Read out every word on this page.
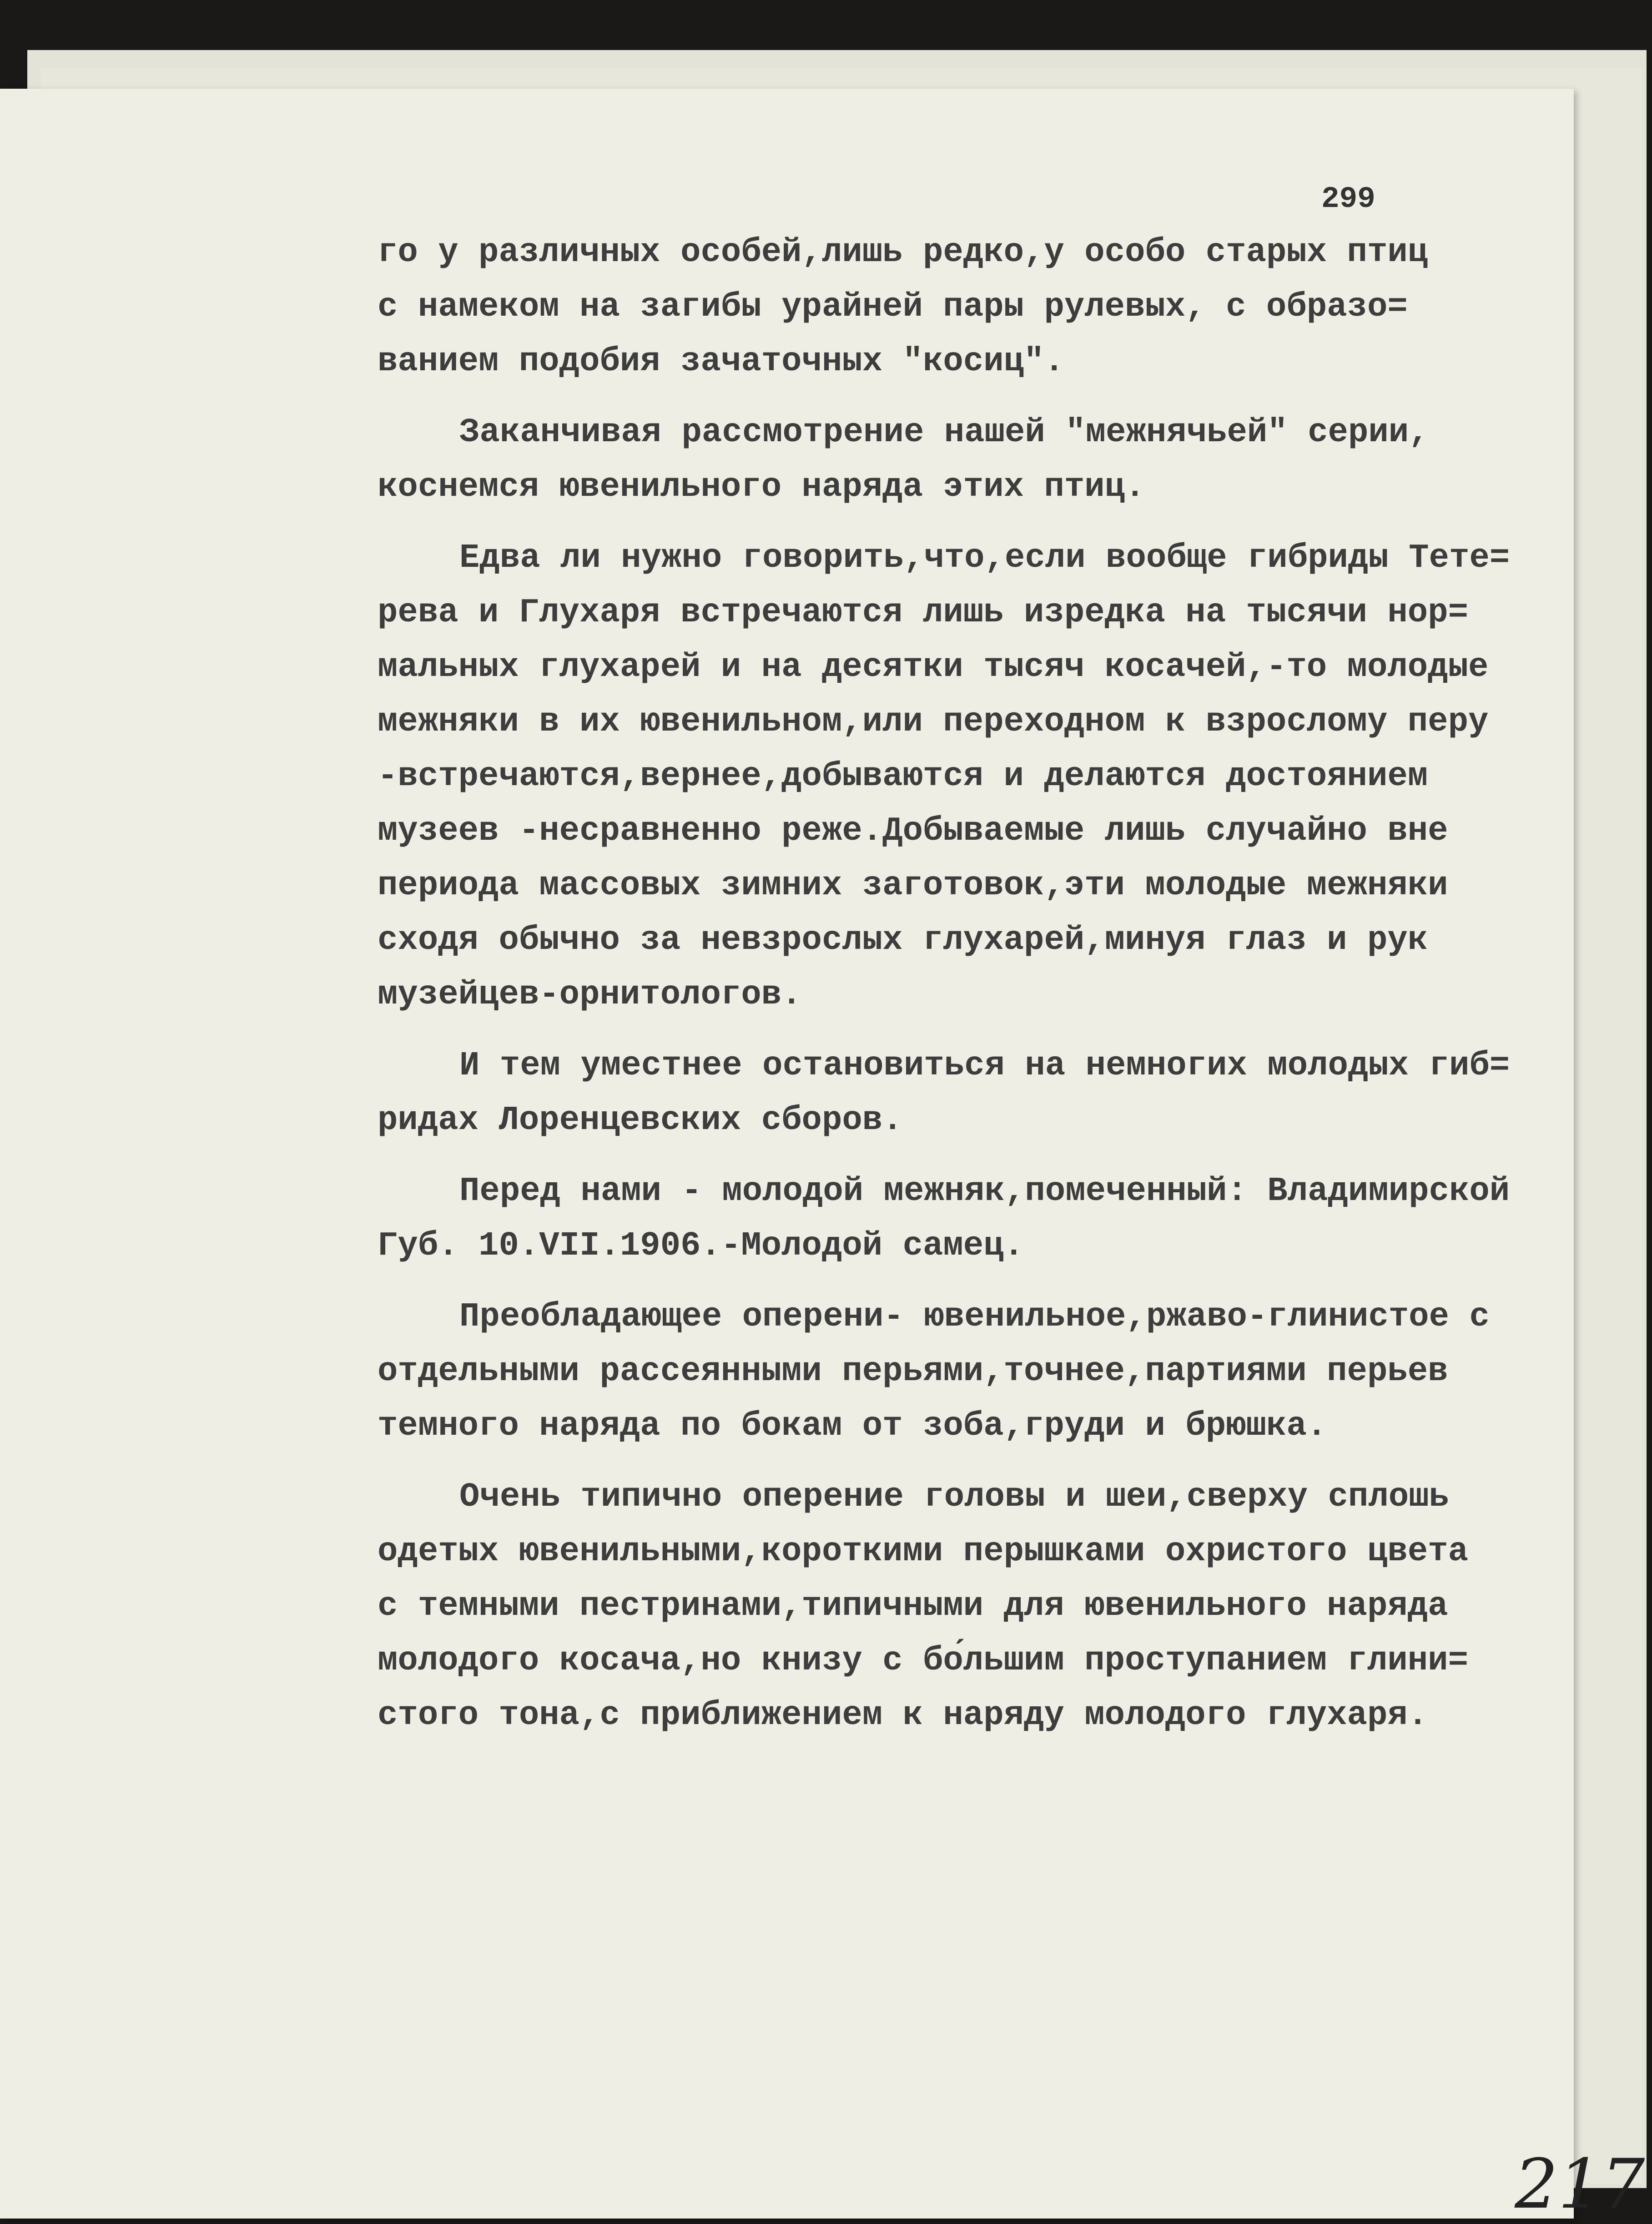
299
го у различных особей,лишь редко,у особо старых птиц
с намеком на загибы урайней пары рулевых, с образо=
ванием подобия зачаточных "косиц".
Заканчивая рассмотрение нашей "межнячьей" серии,
коснемся ювенильного наряда этих птиц.
Едва ли нужно говорить,что,если вообще гибриды Тете=
рева и Глухаря встречаются лишь изредка на тысячи нор=
мальных глухарей и на десятки тысяч косачей,-то молодые
межняки в их ювенильном,или переходном к взрослому перу
-встречаются,вернее,добываются и делаются достоянием
музеев -несравненно реже.Добываемые лишь случайно вне
периода массовых зимних заготовок,эти молодые межняки
сходя обычно за невзрослых глухарей,минуя глаз и рук
музейцев-орнитологов.
И тем уместнее остановиться на немногих молодых гиб=
ридах Лоренцевских сборов.
Перед нами - молодой межняк,помеченный: Владимирской
Губ. 10.VII.1906.-Молодой самец.
Преобладающее оперени- ювенильное,ржаво-глинистое с
отдельными рассеянными перьями,точнее,партиями перьев
темного наряда по бокам от зоба,груди и брюшка.
Очень типично оперение головы и шеи,сверху сплошь
одетых ювенильными,короткими перышками охристого цвета
с темными пестринами,типичными для ювенильного наряда
молодого косача,но книзу с бо́льшим проступанием глини=
стого тона,с приближением к наряду молодого глухаря.
217
